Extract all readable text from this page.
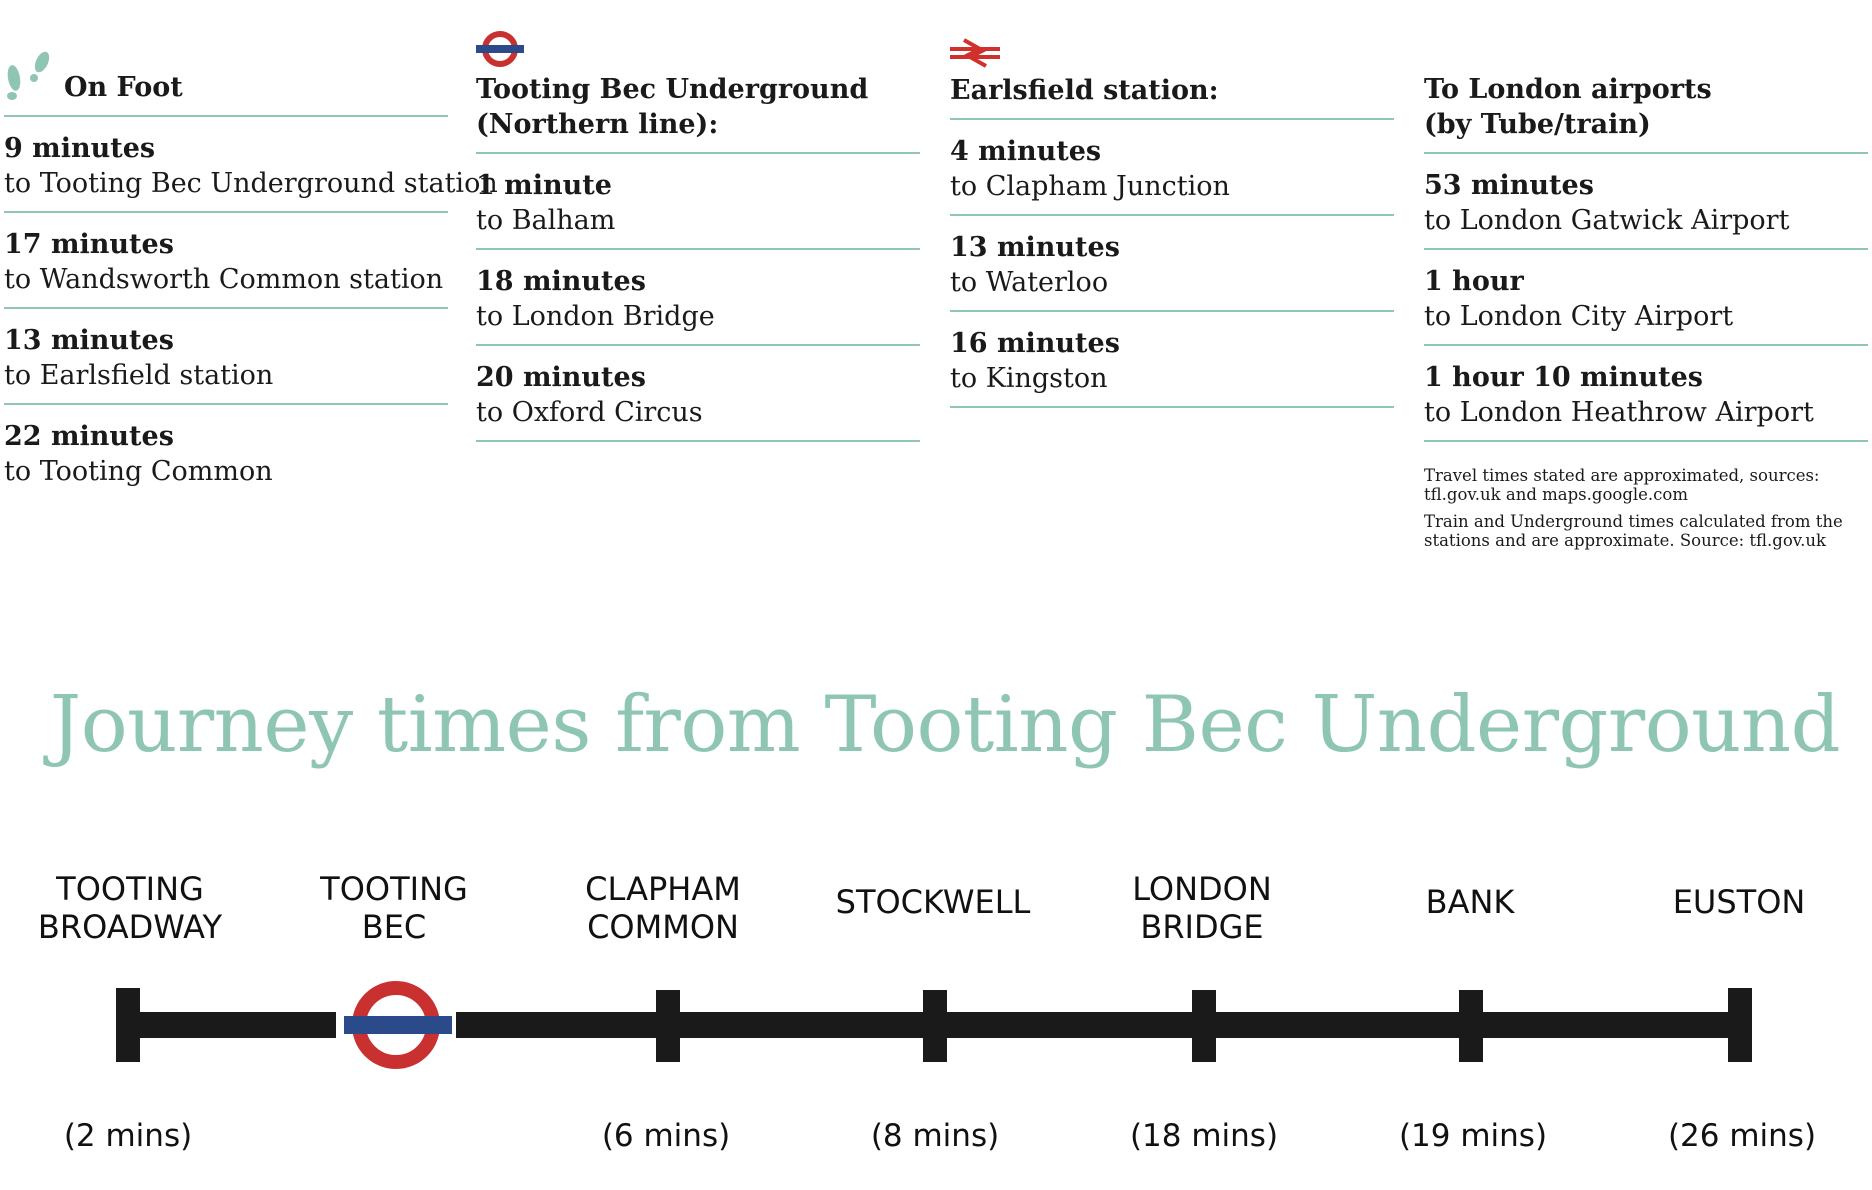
On Foot
9 minutes
to Tooting Bec Underground station
17 minutes
to Wandsworth Common station
13 minutes
to Earlsfield station
22 minutes
to Tooting Common
Tooting Bec Underground
(Northern line):
1 minute
to Balham
18 minutes
to London Bridge
20 minutes
to Oxford Circus
Earlsfield station:
4 minutes
to Clapham Junction
13 minutes
to Waterloo
16 minutes
to Kingston
To London airports
(by Tube/train)
53 minutes
to London Gatwick Airport
1 hour
to London City Airport
1 hour 10 minutes
to London Heathrow Airport
Travel times stated are approximated, sources: tfl.gov.uk and maps.google.com
Train and Underground times calculated from the stations and are approximate. Source: tfl.gov.uk
Journey times from Tooting Bec Underground
TOOTING
BROADWAY
TOOTING
BEC
CLAPHAM
COMMON
STOCKWELL	LONDON
BRIDGE
BANK	EUSTON
(2 mins)	(6 mins)	(8 mins)	(18 mins)	(19 mins)	(26 mins)
